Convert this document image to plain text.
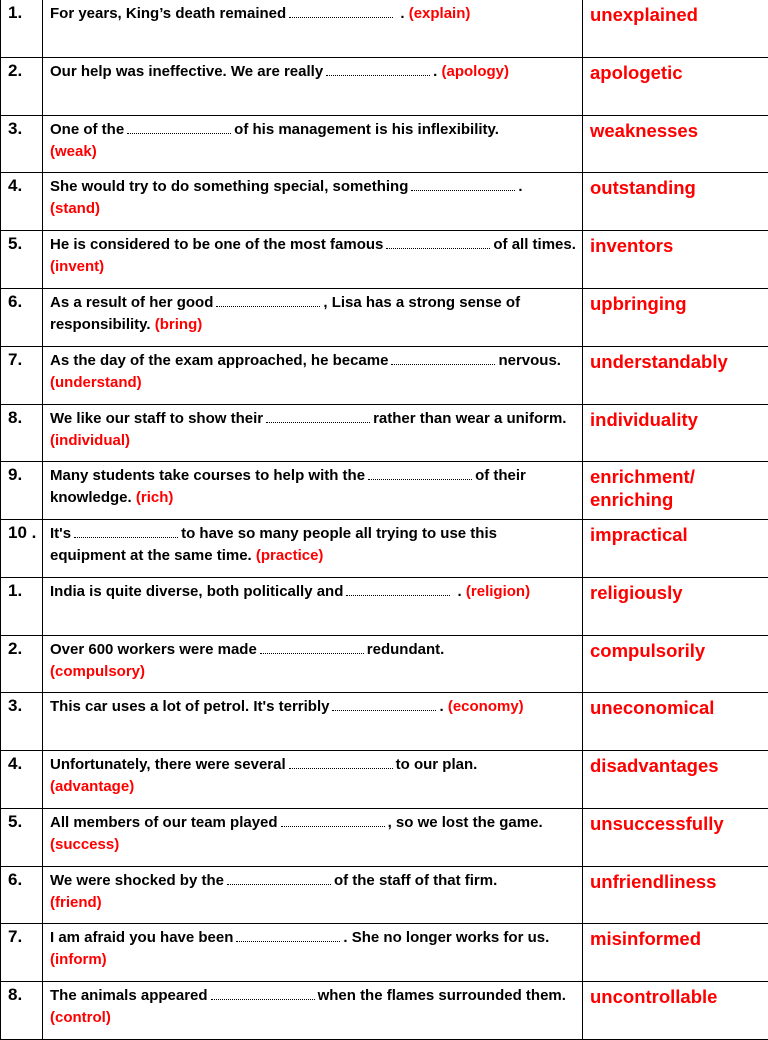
1.	For years, King’s death remained . (explain)	unexplained
2.	Our help was ineffective. We are really . (apology)	apologetic
3.	One of the of his management is his inflexibility.
(weak)	weaknesses
4.	She would try to do something special, something .
(stand)	outstanding
5.	He is considered to be one of the most famous of all times. (invent)	inventors
6.	As a result of her good , Lisa has a strong sense of responsibility. (bring)	upbringing
7.	As the day of the exam approached, he became nervous. (understand)	understandably
8.	We like our staff to show their rather than wear a uniform. (individual)	individuality
9.	Many students take courses to help with the of their knowledge. (rich)	enrichment/ enriching
10 .	It's to have so many people all trying to use this equipment at the same time. (practice)	impractical
1.	India is quite diverse, both politically and . (religion)	religiously
2.	Over 600 workers were made redundant.
(compulsory)	compulsorily
3.	This car uses a lot of petrol. It's terribly . (economy)	uneconomical
4.	Unfortunately, there were several to our plan.
(advantage)	disadvantages
5.	All members of our team played , so we lost the game. (success)	unsuccessfully
6.	We were shocked by the of the staff of that firm.
(friend)	unfriendliness
7.	I am afraid you have been . She no longer works for us. (inform)	misinformed
8.	The animals appeared when the flames surrounded them. (control)	uncontrollable
